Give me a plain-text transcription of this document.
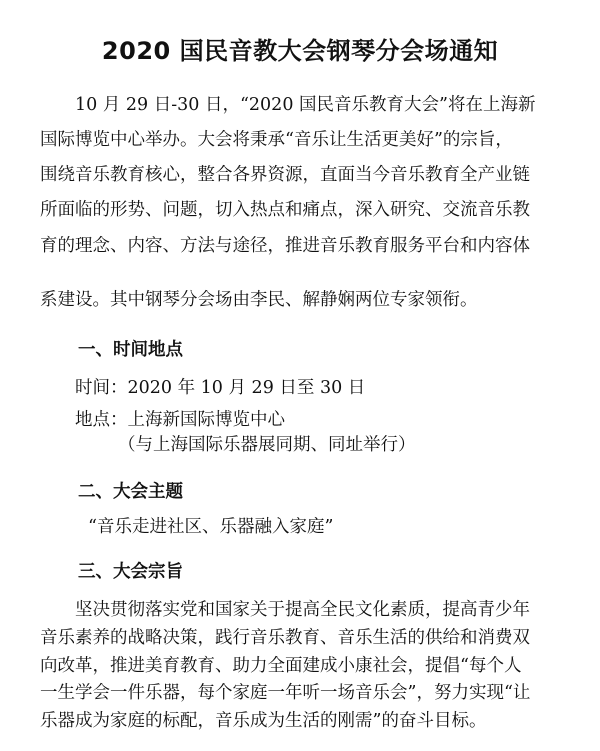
2020 国民音教大会钢琴分会场通知
10 月 29 日-30 日，“2020 国民音乐教育大会”将在上海新
国际博览中心举办。大会将秉承“音乐让生活更美好”的宗旨，
围绕音乐教育核心，整合各界资源，直面当今音乐教育全产业链
所面临的形势、问题，切入热点和痛点，深入研究、交流音乐教
育的理念、内容、方法与途径，推进音乐教育服务平台和内容体
系建设。其中钢琴分会场由李民、解静娴两位专家领衔。
一、时间地点
时间：2020 年 10 月 29 日至 30 日
地点：上海新国际博览中心
（与上海国际乐器展同期、同址举行）
二、大会主题
“音乐走进社区、乐器融入家庭”
三、大会宗旨
坚决贯彻落实党和国家关于提高全民文化素质，提高青少年
音乐素养的战略决策，践行音乐教育、音乐生活的供给和消费双
向改革，推进美育教育、助力全面建成小康社会，提倡“每个人
一生学会一件乐器，每个家庭一年听一场音乐会”，努力实现“让
乐器成为家庭的标配，音乐成为生活的刚需”的奋斗目标。
